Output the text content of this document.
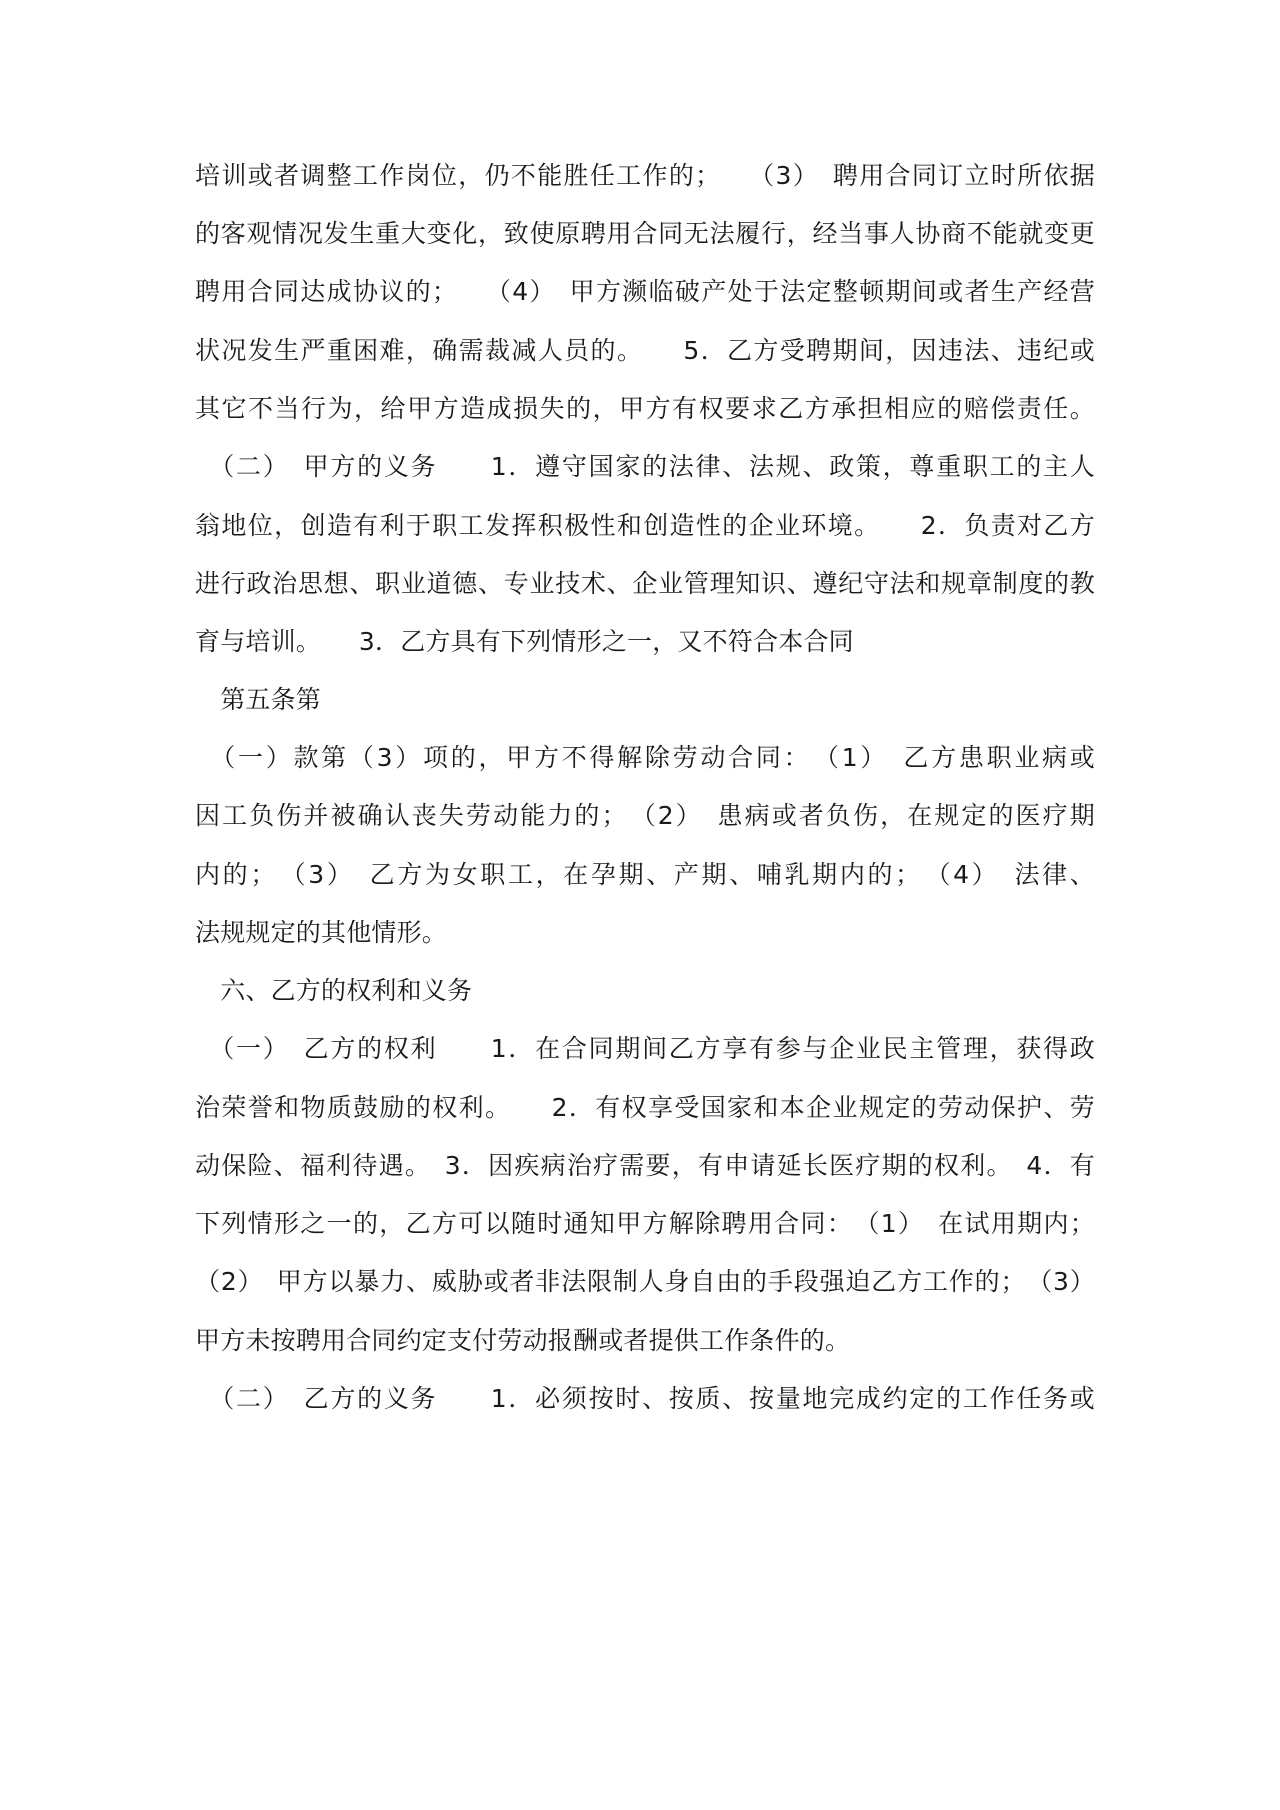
培训或者调整工作岗位，仍不能胜任工作的；　　（3）　聘用合同订立时所依据
的客观情况发生重大变化，致使原聘用合同无法履行，经当事人协商不能就变更
聘用合同达成协议的；　　（4）　甲方濒临破产处于法定整顿期间或者生产经营
状况发生严重困难，确需裁减人员的。　　5．乙方受聘期间，因违法、违纪或
其它不当行为，给甲方造成损失的，甲方有权要求乙方承担相应的赔偿责任。
　（二）　甲方的义务　　1．遵守国家的法律、法规、政策，尊重职工的主人
翁地位，创造有利于职工发挥积极性和创造性的企业环境。　　2．负责对乙方
进行政治思想、职业道德、专业技术、企业管理知识、遵纪守法和规章制度的教
育与培训。　　3．乙方具有下列情形之一，又不符合本合同
　第五条第
　（一）款第（3）项的，甲方不得解除劳动合同：　（1）　乙方患职业病或
因工负伤并被确认丧失劳动能力的；　（2）　患病或者负伤，在规定的医疗期
内的；　（3）　乙方为女职工，在孕期、产期、哺乳期内的；　（4）　法律、
法规规定的其他情形。
　六、乙方的权利和义务
　（一）　乙方的权利　　1．在合同期间乙方享有参与企业民主管理，获得政
治荣誉和物质鼓励的权利。　　2．有权享受国家和本企业规定的劳动保护、劳
动保险、福利待遇。　3．因疾病治疗需要，有申请延长医疗期的权利。　4．有
下列情形之一的，乙方可以随时通知甲方解除聘用合同：　（1）　在试用期内；
（2）　甲方以暴力、威胁或者非法限制人身自由的手段强迫乙方工作的；　（3）
甲方未按聘用合同约定支付劳动报酬或者提供工作条件的。
　（二）　乙方的义务　　1．必须按时、按质、按量地完成约定的工作任务或
